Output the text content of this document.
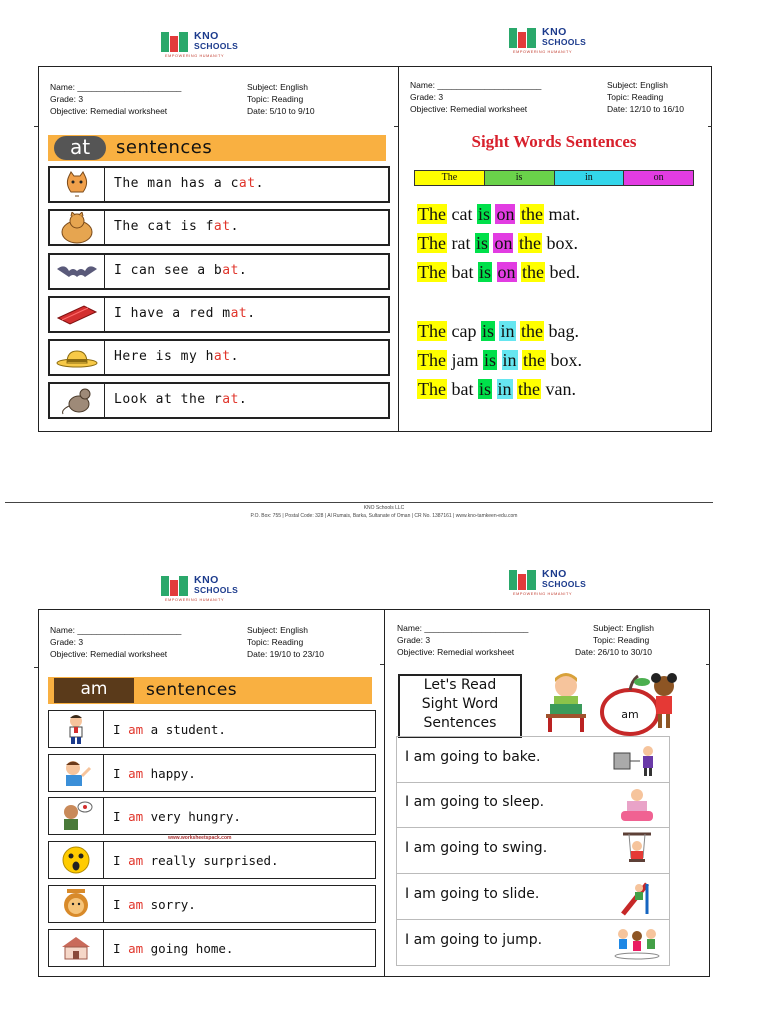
KNO
SCHOOLS
EMPOWERING HUMANITY
KNO
SCHOOLS
EMPOWERING HUMANITY
KNO
SCHOOLS
EMPOWERING HUMANITY
KNO
SCHOOLS
EMPOWERING HUMANITY
Name: ______________________
Grade: 3
Objective: Remedial worksheet
Subject: English
Topic: Reading
Date: 5/10 to 9/10
at	sentences
The man has a cat.
The cat is fat.
I can see a bat.
I have a red mat.
Here is my hat.
Look at the rat.
Name: ______________________
Grade: 3
Objective: Remedial worksheet
Subject: English
Topic: Reading
Date: 12/10 to 16/10
Sight Words Sentences
The	is	in	on
The cat is on the mat.
The rat is on the box.
The bat is on the bed.
The cap is in the bag.
The jam is in the box.
The bat is in the van.
KNO Schools LLC
P.O. Box: 755 | Postal Code: 328 | Al Rumais, Barka, Sultanate of Oman | CR No. 1387161 | www.kno-tamkeen-edu.com
Name: ______________________
Grade: 3
Objective: Remedial worksheet
Subject: English
Topic: Reading
Date: 19/10 to 23/10
am	sentences
I am a student.
I am happy.
I am very hungry.
I am really surprised.
I am sorry.
I am going home.
www.worksheetspack.com
Name: ______________________
Grade: 3
Objective: Remedial worksheet
Subject: English
Topic: Reading
Date: 26/10 to 30/10
Let's Read
Sight Word
Sentences
am
I am going to bake.
I am going to sleep.
I am going to swing.
I am going to slide.
I am going to jump.
